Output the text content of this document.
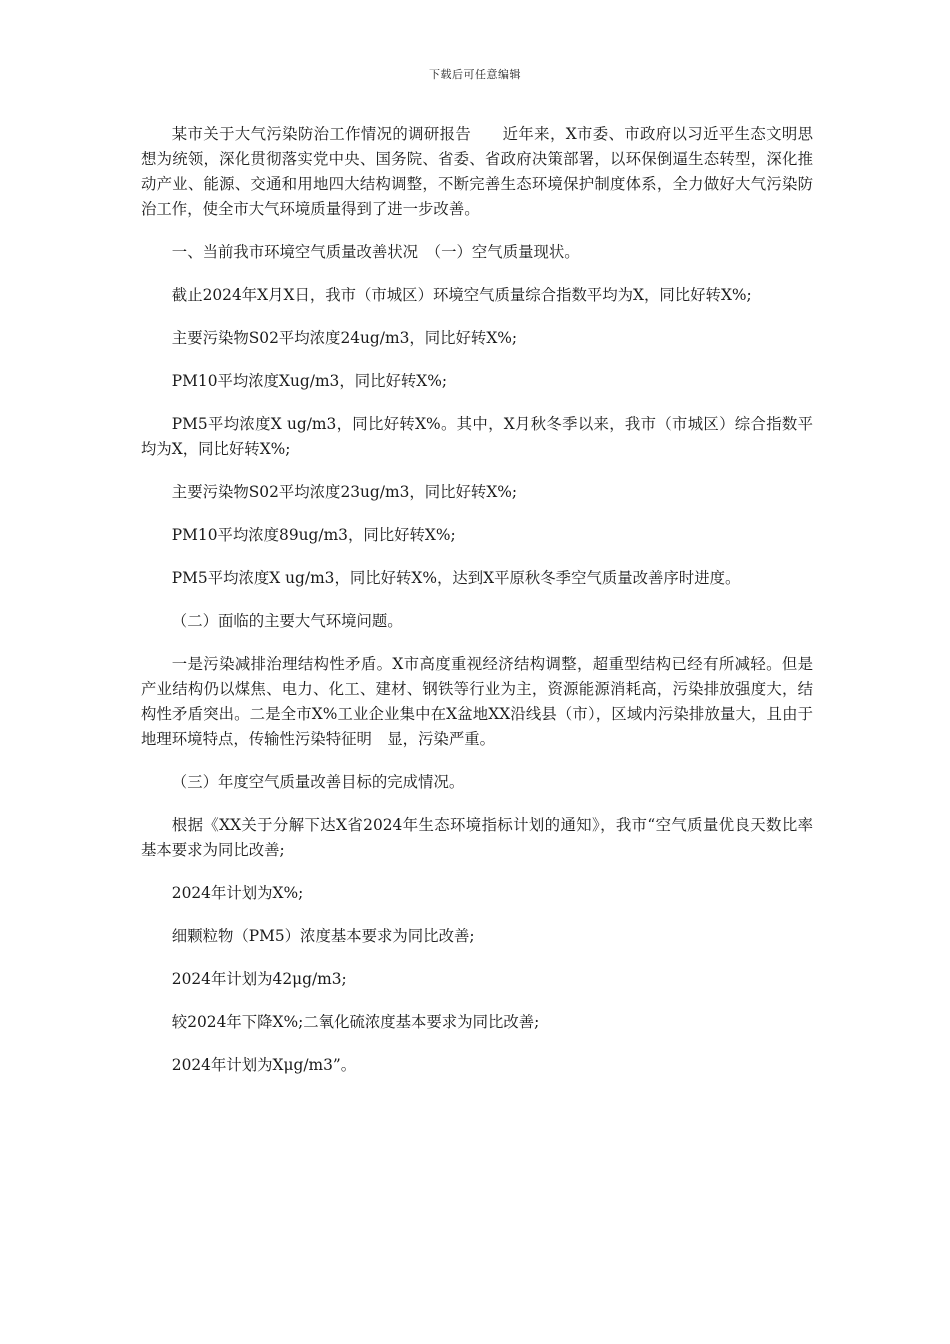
下载后可任意编辑

某市关于大气污染防治工作情况的调研报告　　近年来，X市委、市政府以习近平生态文明思想为统领，深化贯彻落实党中央、国务院、省委、省政府决策部署，以环保倒逼生态转型，深化推动产业、能源、交通和用地四大结构调整，不断完善生态环境保护制度体系，全力做好大气污染防治工作，使全市大气环境质量得到了进一步改善。

一、当前我市环境空气质量改善状况　（一）空气质量现状。

截止2024年X月X日，我市（市城区）环境空气质量综合指数平均为X，同比好转X%;

主要污染物S02平均浓度24ug/m3，同比好转X%;

PM10平均浓度Xug/m3，同比好转X%;

PM5平均浓度X ug/m3，同比好转X%。其中，X月秋冬季以来，我市（市城区）综合指数平均为X，同比好转X%;

主要污染物S02平均浓度23ug/m3，同比好转X%;

PM10平均浓度89ug/m3，同比好转X%;

PM5平均浓度X ug/m3，同比好转X%，达到X平原秋冬季空气质量改善序时进度。

（二）面临的主要大气环境问题。

一是污染减排治理结构性矛盾。X市高度重视经济结构调整，超重型结构已经有所减轻。但是产业结构仍以煤焦、电力、化工、建材、钢铁等行业为主，资源能源消耗高，污染排放强度大，结构性矛盾突出。二是全市X%工业企业集中在X盆地XX沿线县（市），区域内污染排放量大，且由于地理环境特点，传输性污染特征明　显，污染严重。

（三）年度空气质量改善目标的完成情况。

根据《XX关于分解下达X省2024年生态环境指标计划的通知》，我市“空气质量优良天数比率基本要求为同比改善;

2024年计划为X%;

细颗粒物（PM5）浓度基本要求为同比改善;

2024年计划为42μg/m3;

较2024年下降X%;二氧化硫浓度基本要求为同比改善;

2024年计划为Xμg/m3”。
